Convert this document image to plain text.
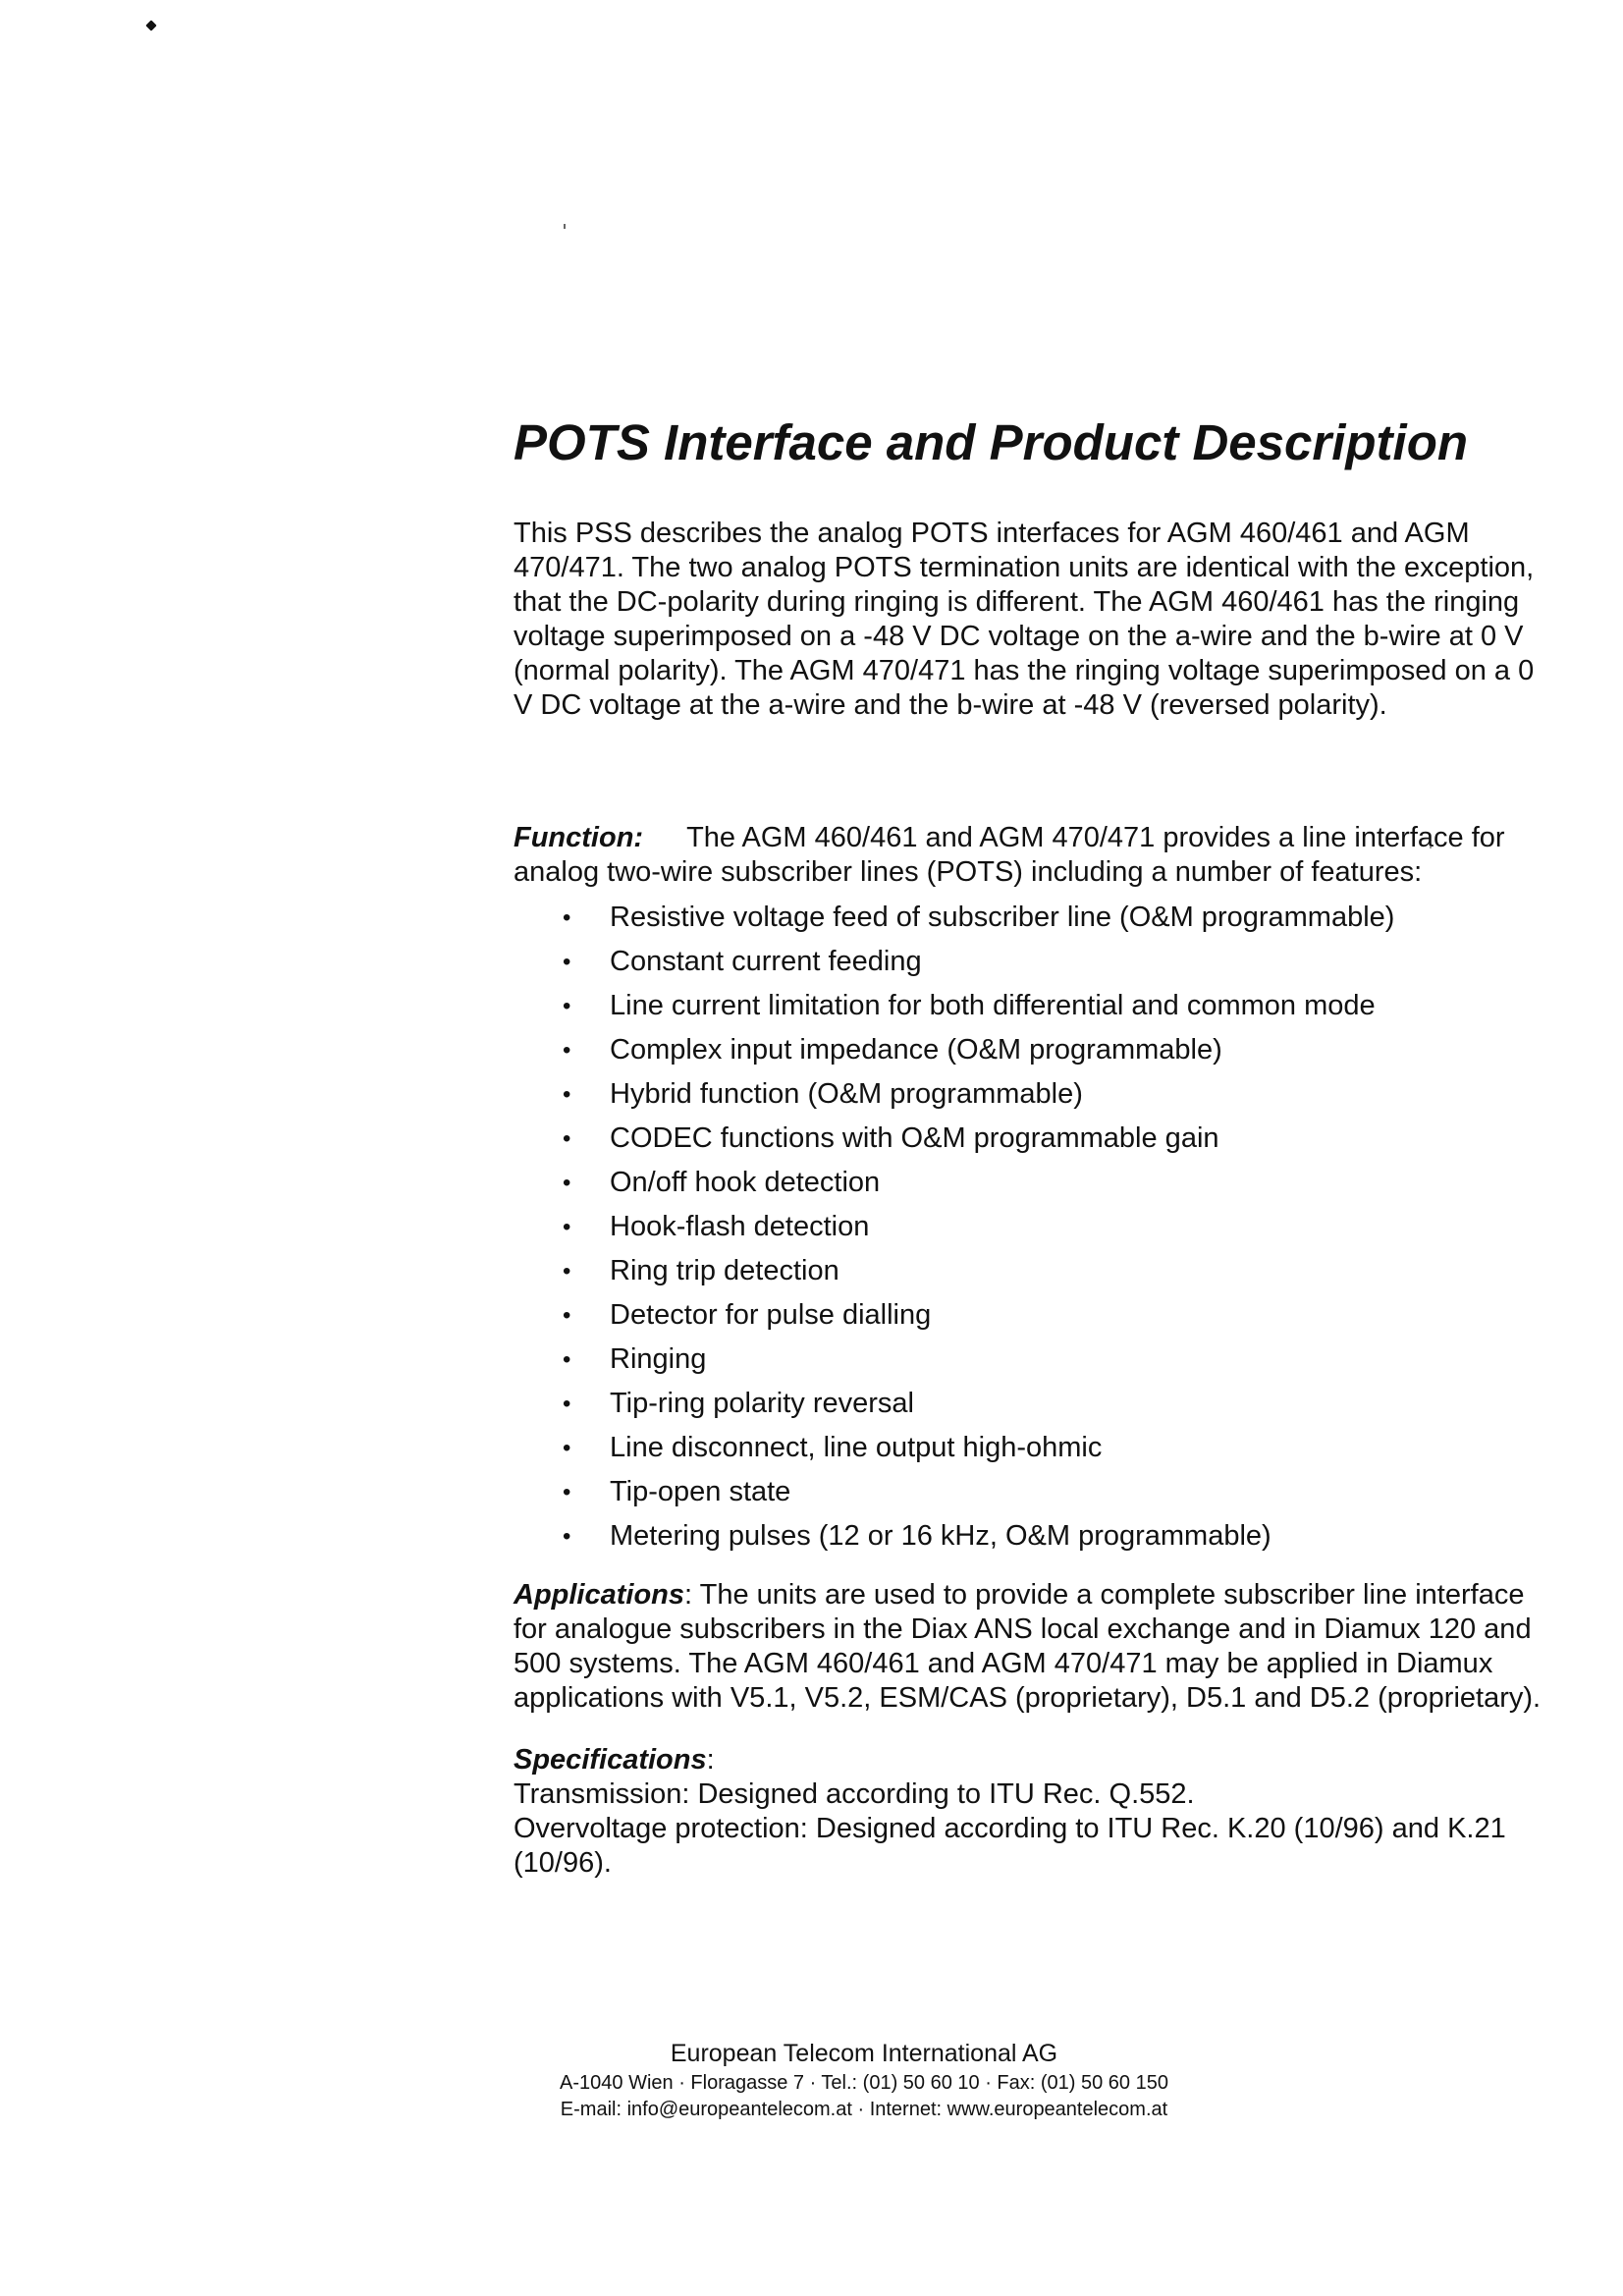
POTS Interface and Product Description
This PSS describes the analog POTS interfaces for AGM 460/461 and AGM 470/471. The two analog POTS termination units are identical with the exception, that the DC-polarity during ringing is different. The AGM 460/461 has the ringing voltage superimposed on a -48 V DC voltage on the a-wire and the b-wire at 0 V (normal polarity). The AGM 470/471 has the ringing voltage superimposed on a 0 V DC voltage at the a-wire and the b-wire at -48 V (reversed polarity).
Function: The AGM 460/461 and AGM 470/471 provides a line interface for analog two-wire subscriber lines (POTS) including a number of features:
• Resistive voltage feed of subscriber line (O&M programmable)
• Constant current feeding
• Line current limitation for both differential and common mode
• Complex input impedance (O&M programmable)
• Hybrid function (O&M programmable)
• CODEC functions with O&M programmable gain
• On/off hook detection
• Hook-flash detection
• Ring trip detection
• Detector for pulse dialling
• Ringing
• Tip-ring polarity reversal
• Line disconnect, line output high-ohmic
• Tip-open state
• Metering pulses (12 or 16 kHz, O&M programmable)
Applications: The units are used to provide a complete subscriber line interface for analogue subscribers in the Diax ANS local exchange and in Diamux 120 and 500 systems. The AGM 460/461 and AGM 470/471 may be applied in Diamux applications with V5.1, V5.2, ESM/CAS (proprietary), D5.1 and D5.2 (proprietary).
Specifications:
Transmission: Designed according to ITU Rec. Q.552.
Overvoltage protection: Designed according to ITU Rec. K.20 (10/96) and K.21 (10/96).
European Telecom International AG
A-1040 Wien · Floragasse 7 · Tel.: (01) 50 60 10 · Fax: (01) 50 60 150
E-mail: info@europeantelecom.at · Internet: www.europeantelecom.at
